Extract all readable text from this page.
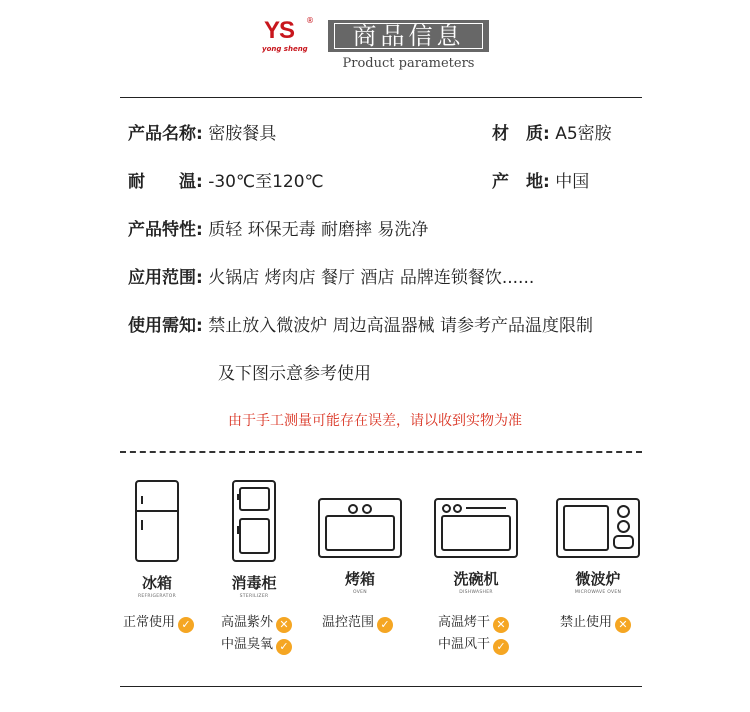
YS ®
yong sheng	商品信息
Product parameters
产品名称: 密胺餐具	材　质: A5密胺
耐　　温: -30℃至120℃	产　地: 中国
产品特性: 质轻 环保无毒 耐磨摔 易洗净
应用范围: 火锅店 烤肉店 餐厅 酒店 品牌连锁餐饮......
使用需知: 禁止放入微波炉 周边高温器械 请参考产品温度限制
及下图示意参考使用
由于手工测量可能存在误差，请以收到实物为准
冰箱
REFRIGERATOR
正常使用 ✓
消毒柜
STERILIZER
高温紫外 ✕
中温臭氧 ✓
烤箱
OVEN
温控范围 ✓
洗碗机
DISHWASHER
高温烤干 ✕
中温风干 ✓
微波炉
MICROWAVE OVEN
禁止使用 ✕
